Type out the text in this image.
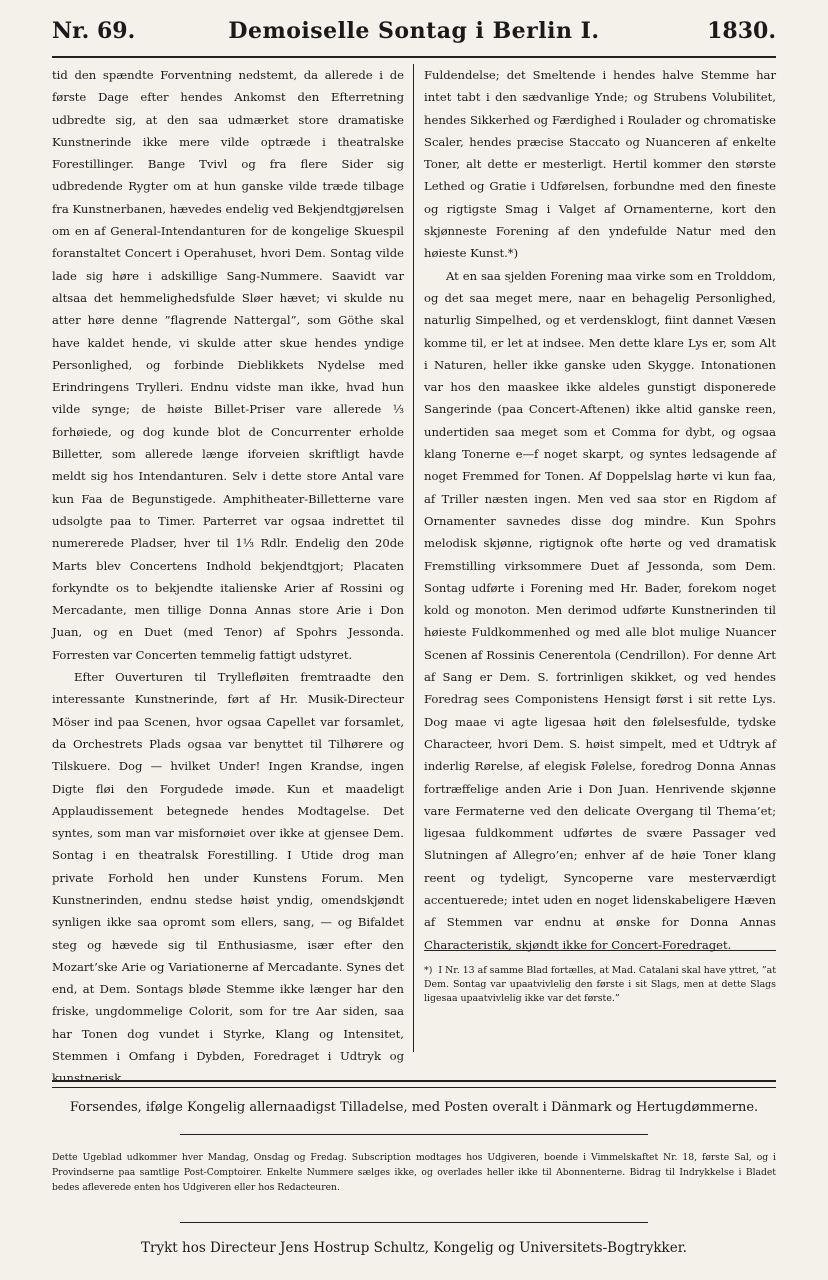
Nr. 69.	Demoiselle Sontag i Berlin I.	1830.

tid den spændte Forventning nedstemt, da allerede i de første Dage efter hendes Ankomst den Efterretning udbredte sig, at den saa udmærket store dramatiske Kunstnerinde ikke mere vilde optræde i theatralske Forestillinger. Bange Tvivl og fra flere Sider sig udbredende Rygter om at hun ganske vilde træde tilbage fra Kunstnerbanen, hævedes endelig ved Bekjendtgjørelsen om en af General-Intendanturen for de kongelige Skuespil foranstaltet Concert i Operahuset, hvori Dem. Sontag vilde lade sig høre i adskillige Sang-Nummere. Saavidt var altsaa det hemmelighedsfulde Sløer hævet; vi skulde nu atter høre denne ”flagrende Nattergal”, som Göthe skal have kaldet hende, vi skulde atter skue hendes yndige Personlighed, og forbinde Dieblikkets Nydelse med Erindringens Trylleri. Endnu vidste man ikke, hvad hun vilde synge; de høiste Billet-Priser vare allerede ⅓ forhøiede, og dog kunde blot de Concurrenter erholde Billetter, som allerede længe iforveien skriftligt havde meldt sig hos Intendanturen. Selv i dette store Antal vare kun Faa de Begunstigede. Amphitheater-Billetterne vare udsolgte paa to Timer. Parterret var ogsaa indrettet til numererede Pladser, hver til 1⅓ Rdlr. Endelig den 20de Marts blev Concertens Indhold bekjendtgjort; Placaten forkyndte os to bekjendte italienske Arier af Rossini og Mercadante, men tillige Donna Annas store Arie i Don Juan, og en Duet (med Tenor) af Spohrs Jessonda. Forresten var Concerten temmelig fattigt udstyret.

Efter Ouverturen til Tryllefløiten fremtraadte den interessante Kunstnerinde, ført af Hr. Musik-Directeur Möser ind paa Scenen, hvor ogsaa Capellet var forsamlet, da Orchestrets Plads ogsaa var benyttet til Tilhørere og Tilskuere. Dog — hvilket Under! Ingen Krandse, ingen Digte fløi den Forgudede imøde. Kun et maadeligt Applaudissement betegnede hendes Modtagelse. Det syntes, som man var misfornøiet over ikke at gjensee Dem. Sontag i en theatralsk Forestilling. I Utide drog man private Forhold hen under Kunstens Forum. Men Kunstnerinden, endnu stedse høist yndig, omendskjøndt synligen ikke saa opromt som ellers, sang, — og Bifaldet steg og hævede sig til Enthusiasme, især efter den Mozart’ske Arie og Variationerne af Mercadante. Synes det end, at Dem. Sontags bløde Stemme ikke længer har den friske, ungdommelige Colorit, som for tre Aar siden, saa har Tonen dog vundet i Styrke, Klang og Intensitet, Stemmen i Omfang i Dybden, Foredraget i Udtryk og kunstnerisk

Fuldendelse; det Smeltende i hendes halve Stemme har intet tabt i den sædvanlige Ynde; og Strubens Volubilitet, hendes Sikkerhed og Færdighed i Roulader og chromatiske Scaler, hendes præcise Staccato og Nuanceren af enkelte Toner, alt dette er mesterligt. Hertil kommer den største Lethed og Gratie i Udførelsen, forbundne med den fineste og rigtigste Smag i Valget af Ornamenterne, kort den skjønneste Forening af den yndefulde Natur med den høieste Kunst.*)

At en saa sjelden Forening maa virke som en Trolddom, og det saa meget mere, naar en behagelig Personlighed, naturlig Simpelhed, og et verdensklogt, fiint dannet Væsen komme til, er let at indsee. Men dette klare Lys er, som Alt i Naturen, heller ikke ganske uden Skygge. Intonationen var hos den maaskee ikke aldeles gunstigt disponerede Sangerinde (paa Concert-Aftenen) ikke altid ganske reen, undertiden saa meget som et Comma for dybt, og ogsaa klang Tonerne e—f noget skarpt, og syntes ledsagende af noget Fremmed for Tonen. Af Doppelslag hørte vi kun faa, af Triller næsten ingen. Men ved saa stor en Rigdom af Ornamenter savnedes disse dog mindre. Kun Spohrs melodisk skjønne, rigtignok ofte hørte og ved dramatisk Fremstilling virksommere Duet af Jessonda, som Dem. Sontag udførte i Forening med Hr. Bader, forekom noget kold og monoton. Men derimod udførte Kunstnerinden til høieste Fuldkommenhed og med alle blot mulige Nuancer Scenen af Rossinis Cenerentola (Cendrillon). For denne Art af Sang er Dem. S. fortrinligen skikket, og ved hendes Foredrag sees Componistens Hensigt først i sit rette Lys. Dog maae vi agte ligesaa høit den følelsesfulde, tydske Characteer, hvori Dem. S. høist simpelt, med et Udtryk af inderlig Rørelse, af elegisk Følelse, foredrog Donna Annas fortræffelige anden Arie i Don Juan. Henrivende skjønne vare Fermaterne ved den delicate Overgang til Thema’et; ligesaa fuldkomment udførtes de svære Passager ved Slutningen af Allegro’en; enhver af de høie Toner klang reent og tydeligt, Syncoperne vare mesterværdigt accentuerede; intet uden en noget lidenskabeligere Hæven af Stemmen var endnu at ønske for Donna Annas Characteristik, skjøndt ikke for Concert-Foredraget.

*) I Nr. 13 af samme Blad fortælles, at Mad. Catalani skal have yttret, ”at Dem. Sontag var upaatvivlelig den første i sit Slags, men at dette Slags ligesaa upaatvivlelig ikke var det første.”
Forsendes, ifølge Kongelig allernaadigst Tilladelse, med Posten overalt i Dänmark og Hertugdømmerne.
Dette Ugeblad udkommer hver Mandag, Onsdag og Fredag. Subscription modtages hos Udgiveren, boende i Vimmelskaftet Nr. 18, første Sal, og i Provindserne paa samtlige Post-Comptoirer. Enkelte Nummere sælges ikke, og overlades heller ikke til Abonnenterne. Bidrag til Indrykkelse i Bladet bedes afleverede enten hos Udgiveren eller hos Redacteuren.
Trykt hos Directeur Jens Hostrup Schultz, Kongelig og Universitets-Bogtrykker.
